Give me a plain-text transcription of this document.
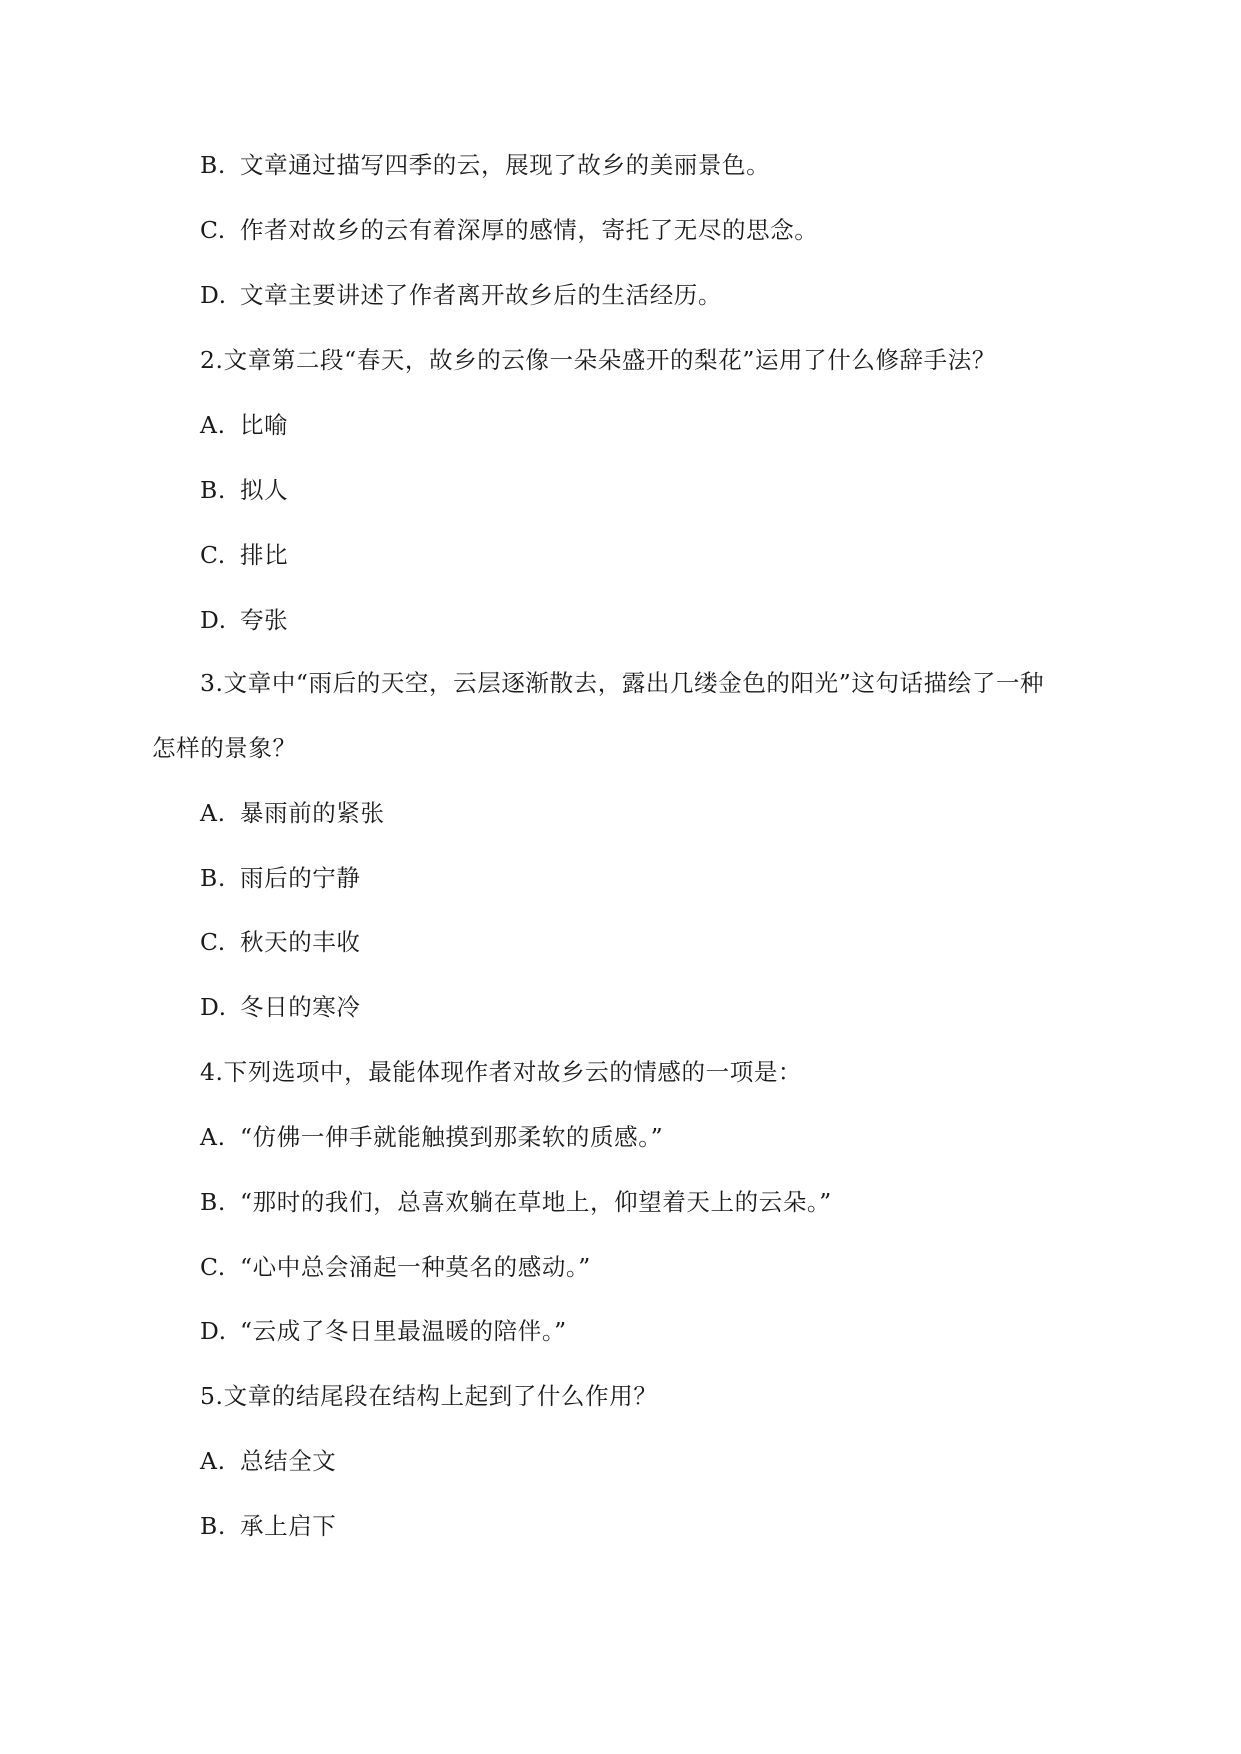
B. 文章通过描写四季的云，展现了故乡的美丽景色。
C. 作者对故乡的云有着深厚的感情，寄托了无尽的思念。
D. 文章主要讲述了作者离开故乡后的生活经历。
2.文章第二段“春天，故乡的云像一朵朵盛开的梨花”运用了什么修辞手法？
A. 比喻
B. 拟人
C. 排比
D. 夸张
3.文章中“雨后的天空，云层逐渐散去，露出几缕金色的阳光”这句话描绘了一种
怎样的景象？
A. 暴雨前的紧张
B. 雨后的宁静
C. 秋天的丰收
D. 冬日的寒冷
4.下列选项中，最能体现作者对故乡云的情感的一项是：
A. “仿佛一伸手就能触摸到那柔软的质感。”
B. “那时的我们，总喜欢躺在草地上，仰望着天上的云朵。”
C. “心中总会涌起一种莫名的感动。”
D. “云成了冬日里最温暖的陪伴。”
5.文章的结尾段在结构上起到了什么作用？
A. 总结全文
B. 承上启下
